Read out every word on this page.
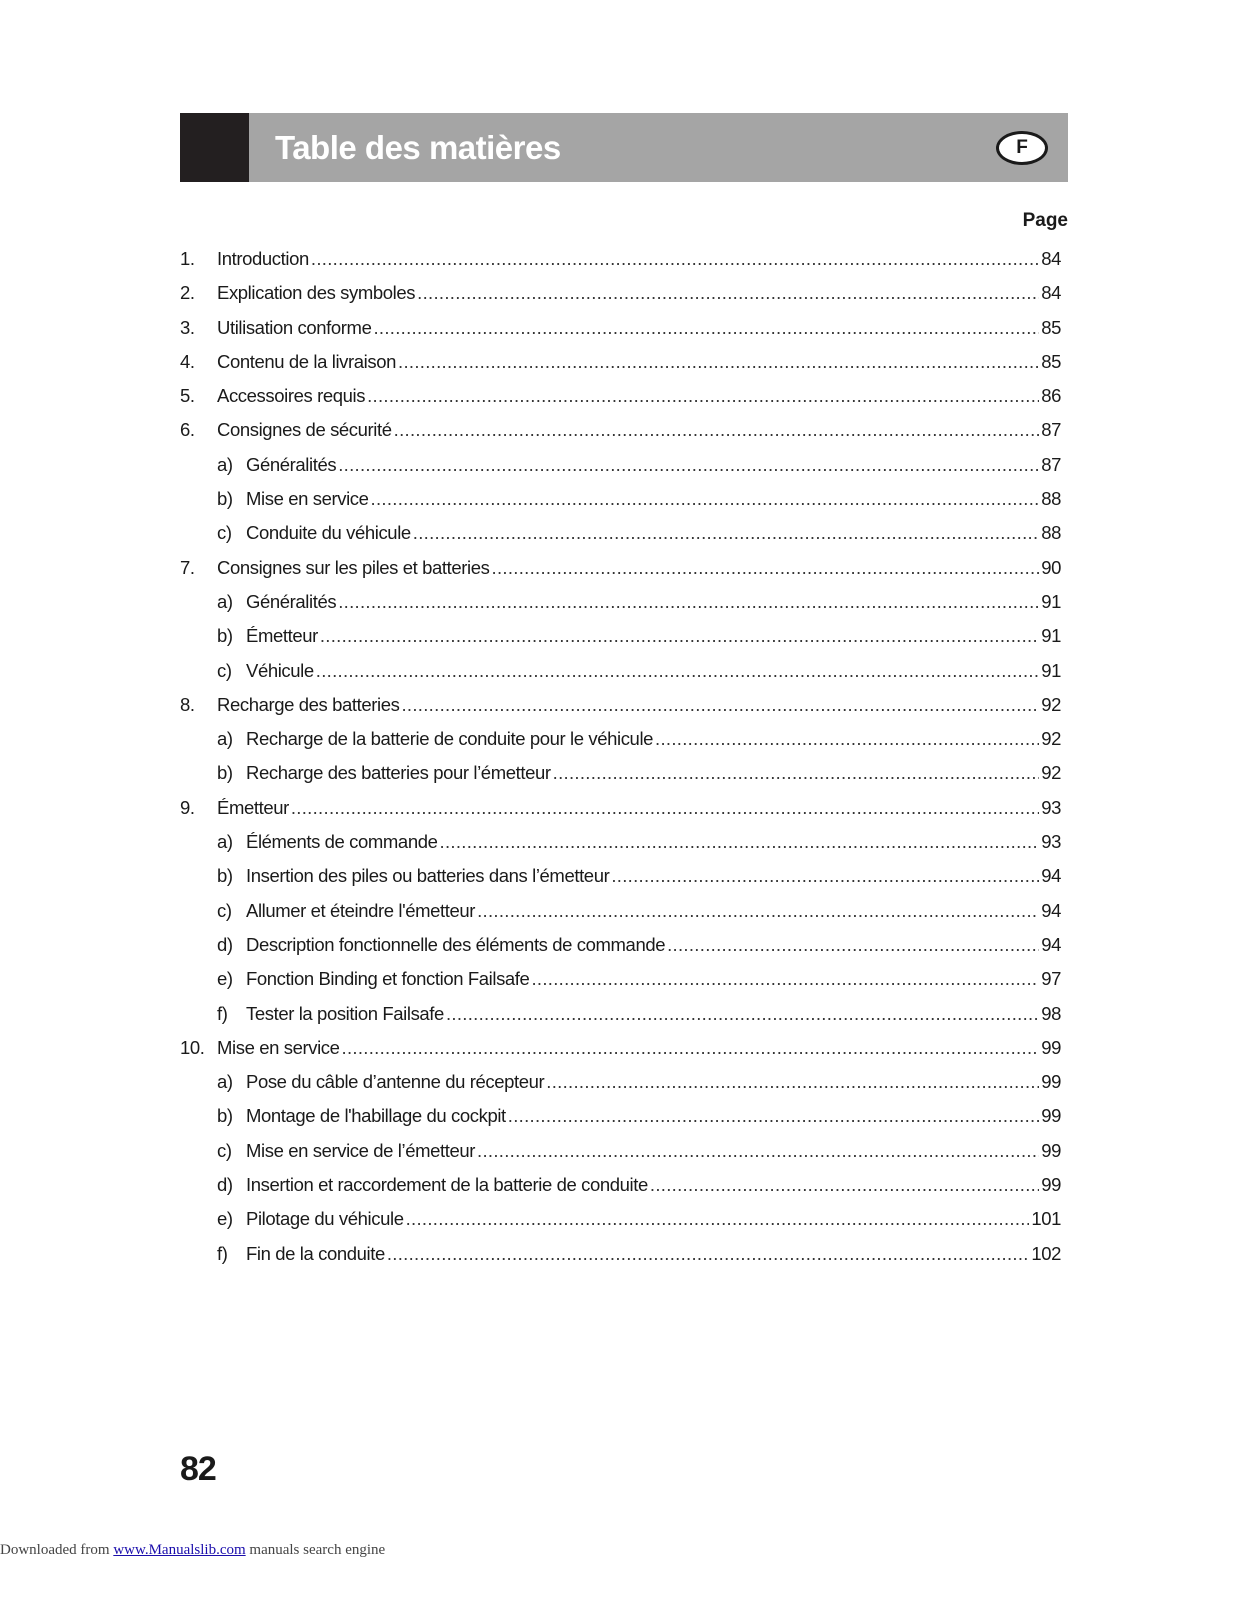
Table des matières	F
Page
1.	Introduction .....	84
2.	Explication des symboles .....	84
3.	Utilisation conforme .....	85
4.	Contenu de la livraison .....	85
5.	Accessoires requis .....	86
6.	Consignes de sécurité .....	87
a) Généralités .....	87
b) Mise en service .....	88
c) Conduite du véhicule .....	88
7.	Consignes sur les piles et batteries .....	90
a) Généralités .....	91
b) Émetteur .....	91
c) Véhicule .....	91
8.	Recharge des batteries .....	92
a) Recharge de la batterie de conduite pour le véhicule .....	92
b) Recharge des batteries pour l’émetteur .....	92
9.	Émetteur .....	93
a) Éléments de commande .....	93
b) Insertion des piles ou batteries dans l’émetteur .....	94
c) Allumer et éteindre l'émetteur .....	94
d) Description fonctionnelle des éléments de commande .....	94
e) Fonction Binding et fonction Failsafe .....	97
f) Tester la position Failsafe .....	98
10. Mise en service .....	99
a) Pose du câble d’antenne du récepteur .....	99
b) Montage de l'habillage du cockpit .....	99
c) Mise en service de l’émetteur .....	99
d) Insertion et raccordement de la batterie de conduite .....	99
e) Pilotage du véhicule .....	101
f) Fin de la conduite .....	102
82
Downloaded from www.Manualslib.com manuals search engine
